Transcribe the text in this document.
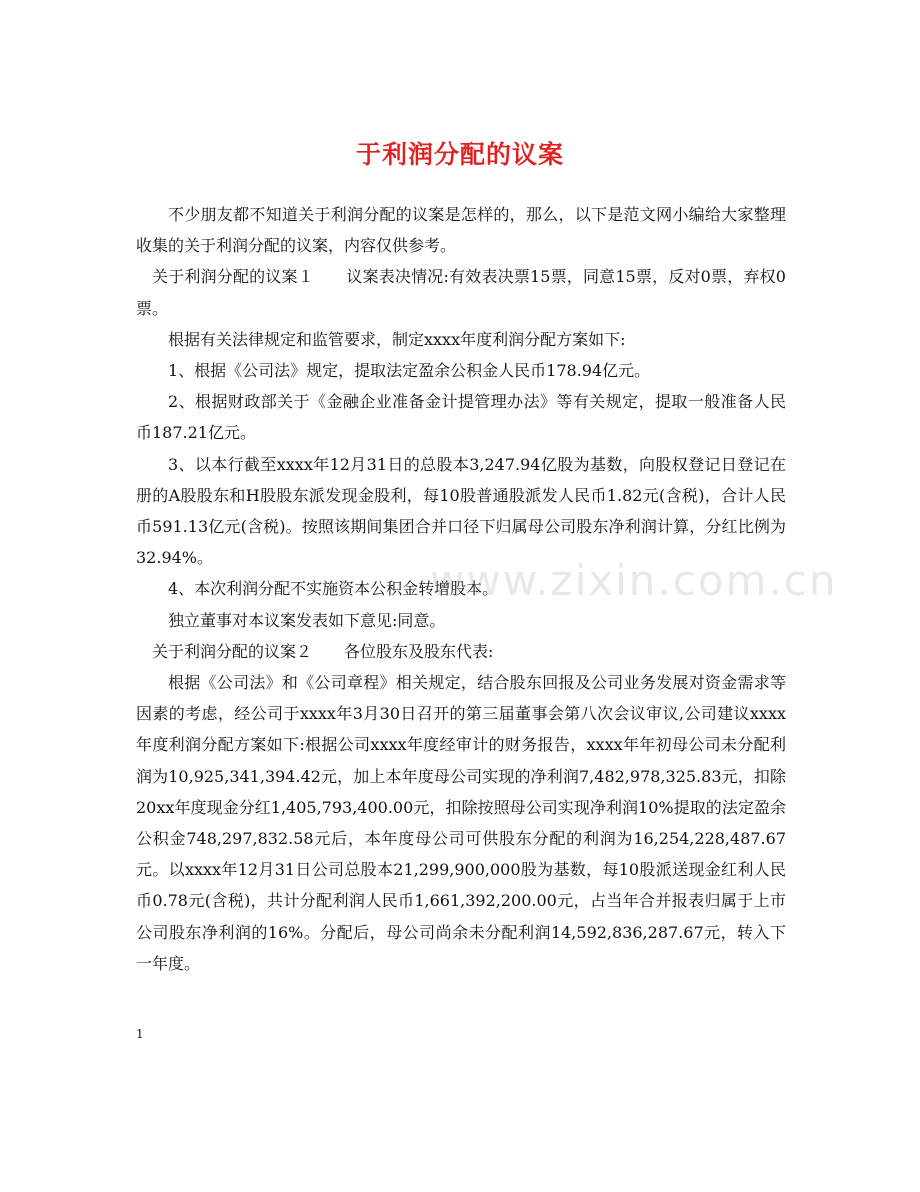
于利润分配的议案

不少朋友都不知道关于利润分配的议案是怎样的，那么，以下是范文网小编给大家整理收集的关于利润分配的议案，内容仅供参考。

关于利润分配的议案１　　议案表决情况:有效表决票15票，同意15票，反对0票，弃权0票。

根据有关法律规定和监管要求，制定xxxx年度利润分配方案如下:

1、根据《公司法》规定，提取法定盈余公积金人民币178.94亿元。

2、根据财政部关于《金融企业准备金计提管理办法》等有关规定，提取一般准备人民币187.21亿元。

3、以本行截至xxxx年12月31日的总股本3,247.94亿股为基数，向股权登记日登记在册的A股股东和H股股东派发现金股利，每10股普通股派发人民币1.82元(含税)，合计人民币591.13亿元(含税)。按照该期间集团合并口径下归属母公司股东净利润计算，分红比例为32.94%。

4、本次利润分配不实施资本公积金转增股本。

独立董事对本议案发表如下意见:同意。

关于利润分配的议案２　　各位股东及股东代表:

根据《公司法》和《公司章程》相关规定，结合股东回报及公司业务发展对资金需求等因素的考虑，经公司于xxxx年3月30日召开的第三届董事会第八次会议审议,公司建议xxxx年度利润分配方案如下:根据公司xxxx年度经审计的财务报告，xxxx年年初母公司未分配利润为10,925,341,394.42元，加上本年度母公司实现的净利润7,482,978,325.83元，扣除20xx年度现金分红1,405,793,400.00元，扣除按照母公司实现净利润10%提取的法定盈余公积金748,297,832.58元后，本年度母公司可供股东分配的利润为16,254,228,487.67元。以xxxx年12月31日公司总股本21,299,900,000股为基数，每10股派送现金红利人民币0.78元(含税)，共计分配利润人民币1,661,392,200.00元，占当年合并报表归属于上市公司股东净利润的16%。分配后，母公司尚余未分配利润14,592,836,287.67元，转入下一年度。

www.zixin.com.cn
1
